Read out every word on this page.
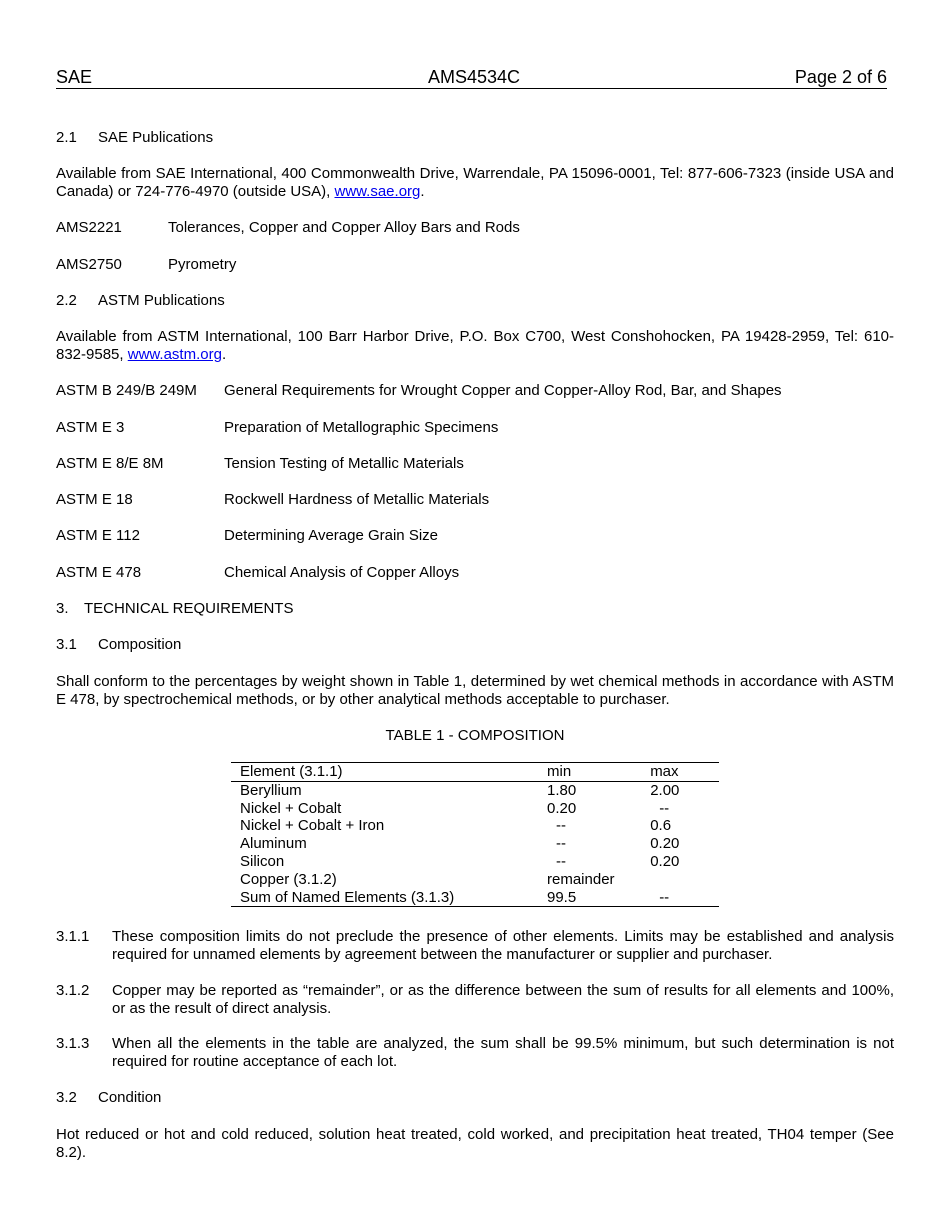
SAE	AMS4534C	Page 2 of 6
2.1 SAE Publications
Available from SAE International, 400 Commonwealth Drive, Warrendale, PA 15096-0001, Tel: 877-606-7323 (inside USA and Canada) or 724-776-4970 (outside USA), www.sae.org.
AMS2221	Tolerances, Copper and Copper Alloy Bars and Rods
AMS2750	Pyrometry
2.2 ASTM Publications
Available from ASTM International, 100 Barr Harbor Drive, P.O. Box C700, West Conshohocken, PA 19428-2959, Tel: 610-832-9585, www.astm.org.
ASTM B 249/B 249M General Requirements for Wrought Copper and Copper-Alloy Rod, Bar, and Shapes
ASTM E 3	Preparation of Metallographic Specimens
ASTM E 8/E 8M	Tension Testing of Metallic Materials
ASTM E 18	Rockwell Hardness of Metallic Materials
ASTM E 112	Determining Average Grain Size
ASTM E 478	Chemical Analysis of Copper Alloys
3. TECHNICAL REQUIREMENTS
3.1 Composition
Shall conform to the percentages by weight shown in Table 1, determined by wet chemical methods in accordance with ASTM E 478, by spectrochemical methods, or by other analytical methods acceptable to purchaser.
TABLE 1 - COMPOSITION
Element (3.1.1)	min	max
Beryllium	1.80	2.00
Nickel + Cobalt	0.20	--
Nickel + Cobalt + Iron	--	0.6
Aluminum	--	0.20
Silicon	--	0.20
Copper (3.1.2)	remainder	
Sum of Named Elements (3.1.3)	99.5	--
3.1.1 These composition limits do not preclude the presence of other elements. Limits may be established and analysis required for unnamed elements by agreement between the manufacturer or supplier and purchaser.
3.1.2 Copper may be reported as “remainder”, or as the difference between the sum of results for all elements and 100%, or as the result of direct analysis.
3.1.3 When all the elements in the table are analyzed, the sum shall be 99.5% minimum, but such determination is not required for routine acceptance of each lot.
3.2 Condition
Hot reduced or hot and cold reduced, solution heat treated, cold worked, and precipitation heat treated, TH04 temper (See 8.2).
